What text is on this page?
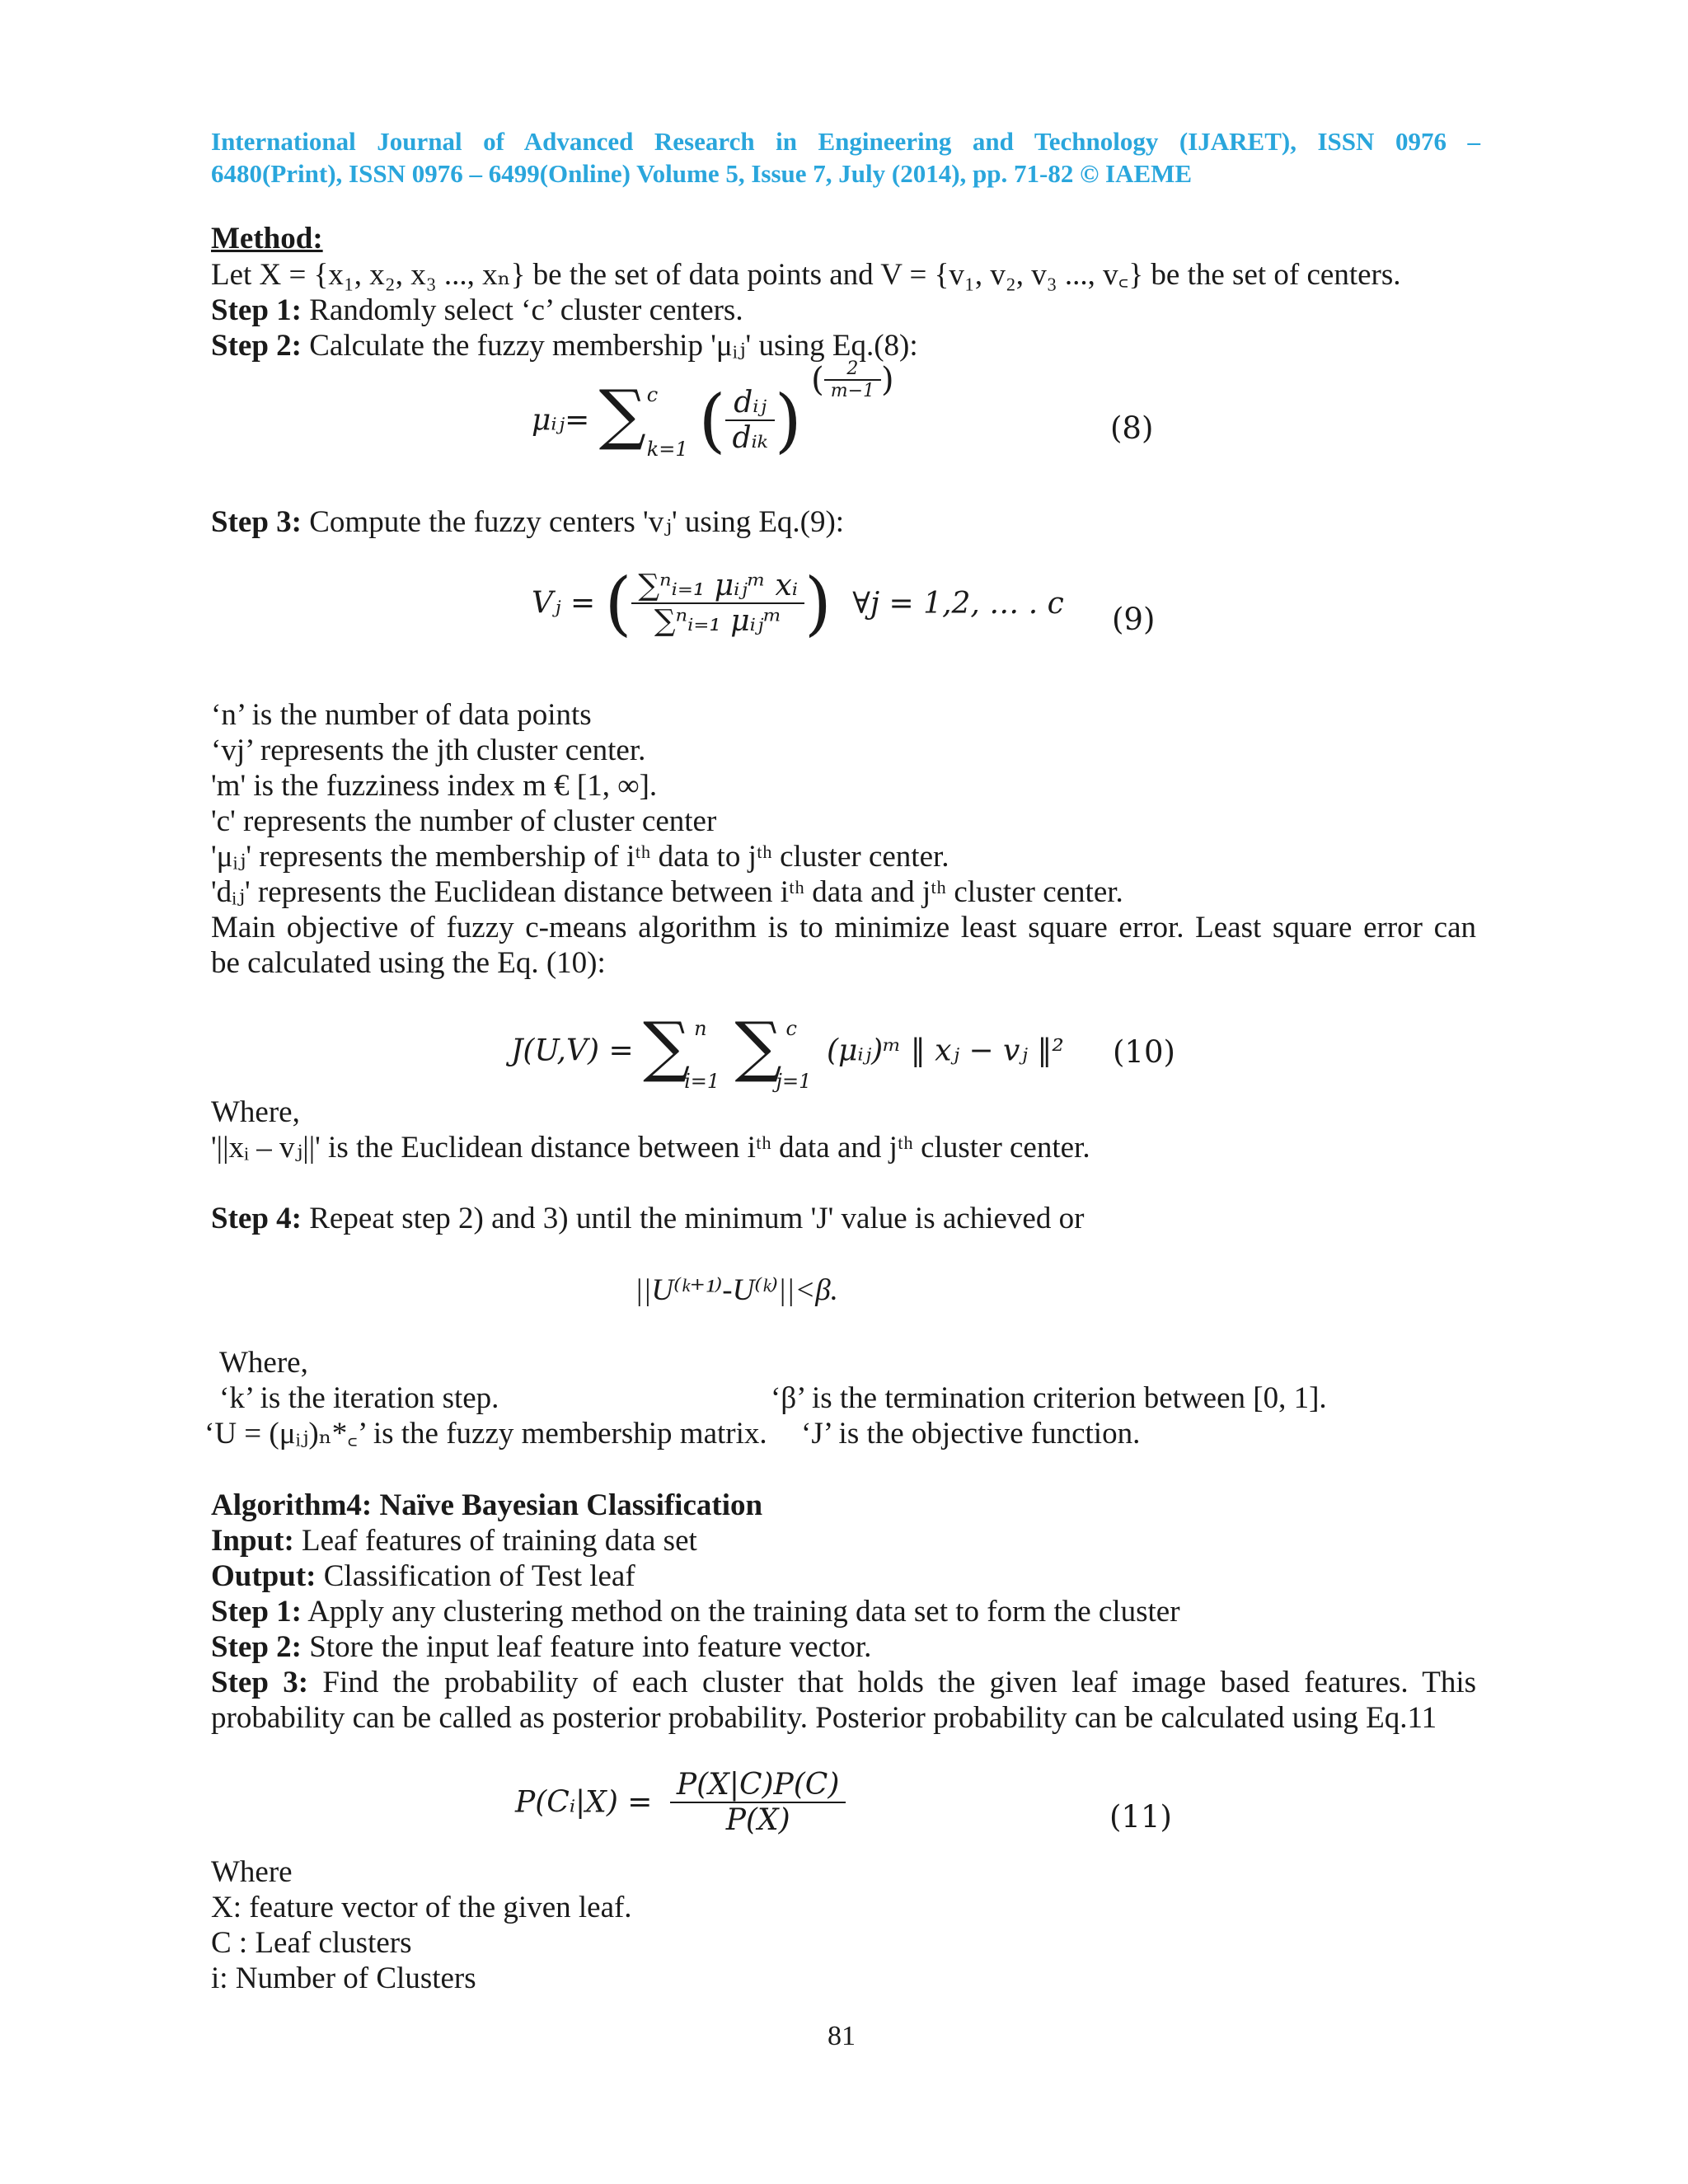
International Journal of Advanced Research in Engineering and Technology (IJARET), ISSN 0976 –
6480(Print), ISSN 0976 – 6499(Online) Volume 5, Issue 7, July (2014), pp. 71-82 © IAEME
Method:
Let X = {x₁, x₂, x₃ ..., xₙ} be the set of data points and V = {v₁, v₂, v₃ ..., v꜀} be the set of centers.
Step 1: Randomly select ‘c’ cluster centers.
Step 2: Calculate the fuzzy membership 'μᵢⱼ' using Eq.(8):
μᵢⱼ= ∑ c
k=1 ( $\frac{\text{dᵢⱼ}}{\text{dᵢₖ}}$ ) ( $\frac{2}{m-1}$ )
(8)
Step 3: Compute the fuzzy centers 'vⱼ' using Eq.(9):
Vⱼ = ( $\frac{\text{∑ⁿᵢ₌₁ μᵢⱼᵐ xᵢ}}{\text{∑ⁿᵢ₌₁ μᵢⱼᵐ}}$ ) ∀j = 1,2, … . c (9)
‘n’ is the number of data points
‘vj’ represents the jth cluster center.
'm' is the fuzziness index m € [1, ∞].
'c' represents the number of cluster center
'μᵢⱼ' represents the membership of iᵗʰ data to jᵗʰ cluster center.
'dᵢⱼ' represents the Euclidean distance between iᵗʰ data and jᵗʰ cluster center.
Main objective of fuzzy c-means algorithm is to minimize least square error. Least square error can
be calculated using the Eq. (10):
J(U,V) = ∑ n
i=1
∑ c
j=1
(μᵢⱼ)ᵐ ‖ xⱼ − vⱼ ‖² (10)
Where,
'||xᵢ – vⱼ||' is the Euclidean distance between iᵗʰ data and jᵗʰ cluster center.
Step 4: Repeat step 2) and 3) until the minimum 'J' value is achieved or
||U⁽ᵏ⁺¹⁾-U⁽ᵏ⁾||<β.
Where,
‘k’ is the iteration step.	‘β’ is the termination criterion between [0, 1].
‘U = (μᵢⱼ)ₙ*꜀’ is the fuzzy membership matrix. ‘J’ is the objective function.
Algorithm4: Naïve Bayesian Classification
Input: Leaf features of training data set
Output: Classification of Test leaf
Step 1: Apply any clustering method on the training data set to form the cluster
Step 2: Store the input leaf feature into feature vector.
Step 3: Find the probability of each cluster that holds the given leaf image based features. This
probability can be called as posterior probability. Posterior probability can be calculated using Eq.11
P(Cᵢ|X) = $\frac{P(X|C)P(C)}{P(X)}$	(11)
Where
X: feature vector of the given leaf.
C : Leaf clusters
i: Number of Clusters
81
